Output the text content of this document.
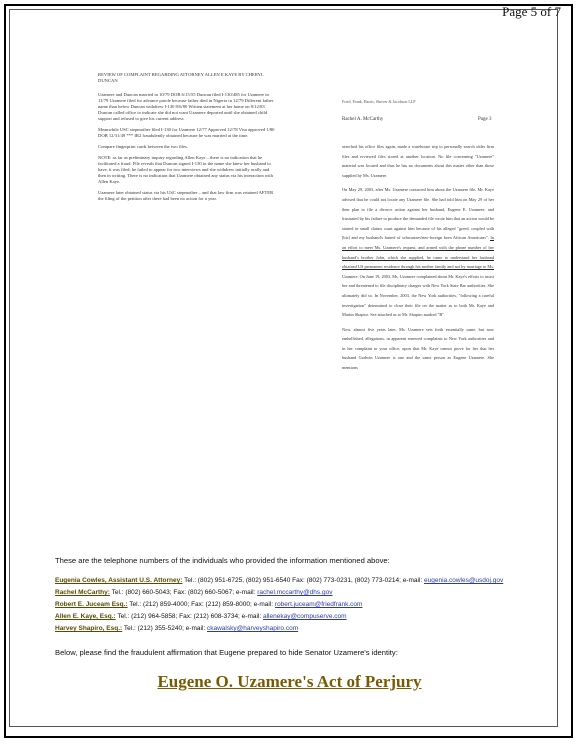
Page 5 of 7

REVIEW OF COMPLAINT REGARDING ATTORNEY ALLEN E KAYE BY CHERYL DUNCAN

Uzamere and Duncan married in 10/79 DOB 6/15/55 Duncan filed I-130/485 for Uzamere in 11/79 Uzamere filed for advance parole because father died in Nigeria in 12/79 Different father name than below Duncan withdrew I-130 8/6/80 Written statement at her home on 8/12/83 Duncan called office to indicate she did not want Uzamere deported until she obtained child support and refused to give his current address

Meanwhile USC stepmother filed I-130 for Uzamere 12/77 Approved 12/78 Visa approved 1/80 DOB 12/31/49 *** IR2 fraudulently obtained because he was married at the time.

Compare fingerprint cards between the two files.

NOTE: as far as preliminary inquiry regarding Allen Kaye – there is no indication that he facilitated a fraud. File reveals that Duncan signed I-130 in the name she knew her husband to have, it was filed; he failed to appear for two interviews and she withdrew initially orally and then in writing. There is no indication that Uzamere obtained any status via his interaction with Allen Kaye.

Uzamere later obtained status via his USC stepmother – and that law firm was retained AFTER the filing of the petition after there had been no action for a year.

Fried, Frank, Harris, Shriver & Jacobson LLP
Rachel A. McCarthy	Page 3

searched his office files again, made a warehouse trip to personally search older firm files and reviewed files stored at another location. No file concerning "Uzamere" material was located and thus he has no documents about this matter other than those supplied by Ms. Uzamere.

On May 29, 2003, after Ms. Uzamere contacted him about the Uzamere file, Mr. Kaye advised that he could not locate any Uzamere file. She had told him on May 29 of her then plan to file a divorce action against her husband, Eugene E. Uzamere, and frustrated by his failure to produce the demanded file wrote him that an action would be started in small claims court against him because of his alleged "greed, coupled with [his] and my husband's hatred of schwartzes/neo-foreign born African Americans". In an effort to meet Ms. Uzamere's request, and armed with the phone number of her husband's brother John, which she supplied, he came to understand her husband obtained US permanent residence through his mother family and not by marriage to Ms. Uzamere. On June 19, 2003, Ms. Uzamere complained about Mr. Kaye's efforts to assist her and threatened to file disciplinary charges with New York State Bar authorities. She ultimately did so. In November, 2003, the New York authorities, "following a careful investigation" determined to close their file on the matter as to both Mr. Kaye and Martin Shapiro. See attached as to Mr. Shapiro marked "B".

Now, almost five years later, Ms. Uzamere sets forth essentially same, but now embellished, allegations, in apparent renewed complaints to New York authorities and in her complaint to your office, upon that Mr. Kaye cannot prove for her that her husband Godwin Uzamere is one and the same person as Eugene Uzamere. She mentions

These are the telephone numbers of the individuals who provided the information mentioned above:
Eugenia Cowles, Assistant U.S. Attorney: Tel.: (802) 951-6725, (802) 951-6540 Fax: (802) 773-0231, (802) 773-0214; e-mail: eugenia.cowles@usdoj.gov
Rachel McCarthy: Tel.: (802) 660-5043; Fax: (802) 660-5067; e-mail: rachel.mccarthy@dhs.gov
Robert E. Juceam Esq.: Tel.: (212) 859-4000; Fax: (212) 859-8000; e-mail: robert.juceam@friedfrank.com
Allen E. Kaye, Esq.: Tel.: (212) 964-5858; Fax: (212) 608-3734; e-mail: allenekay@compuserve.com
Harvey Shapiro, Esq.: Tel.: (212) 355-5240; e-mail: ckawalsky@harveyshapiro.com
Below, please find the fraudulent affirmation that Eugene prepared to hide Senator Uzamere's identity:
Eugene O. Uzamere's Act of Perjury
